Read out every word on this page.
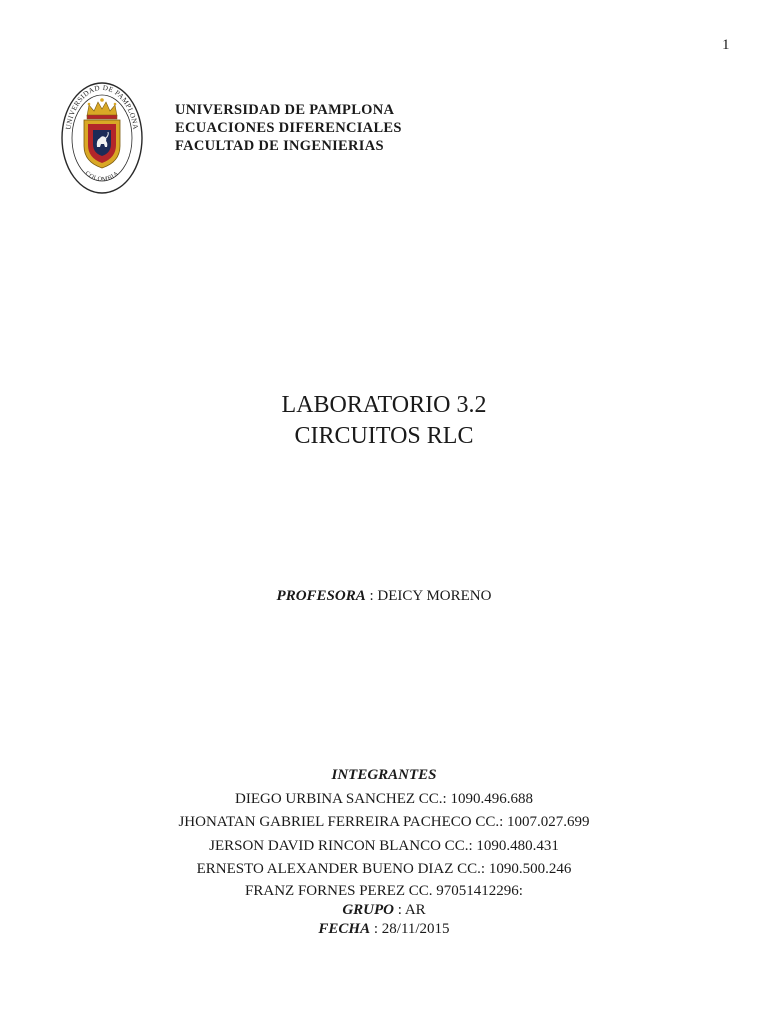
1
UNIVERSIDAD DE PAMPLONA
COLOMBIA
UNIVERSIDAD DE PAMPLONA
ECUACIONES DIFERENCIALES
FACULTAD DE INGENIERIAS
LABORATORIO 3.2
CIRCUITOS RLC
PROFESORA : DEICY MORENO
INTEGRANTES
DIEGO URBINA SANCHEZ CC.: 1090.496.688
JHONATAN GABRIEL FERREIRA PACHECO CC.: 1007.027.699
JERSON DAVID RINCON BLANCO CC.: 1090.480.431
ERNESTO ALEXANDER BUENO DIAZ CC.: 1090.500.246
FRANZ FORNES PEREZ CC. 97051412296:
GRUPO : AR
FECHA : 28/11/2015
